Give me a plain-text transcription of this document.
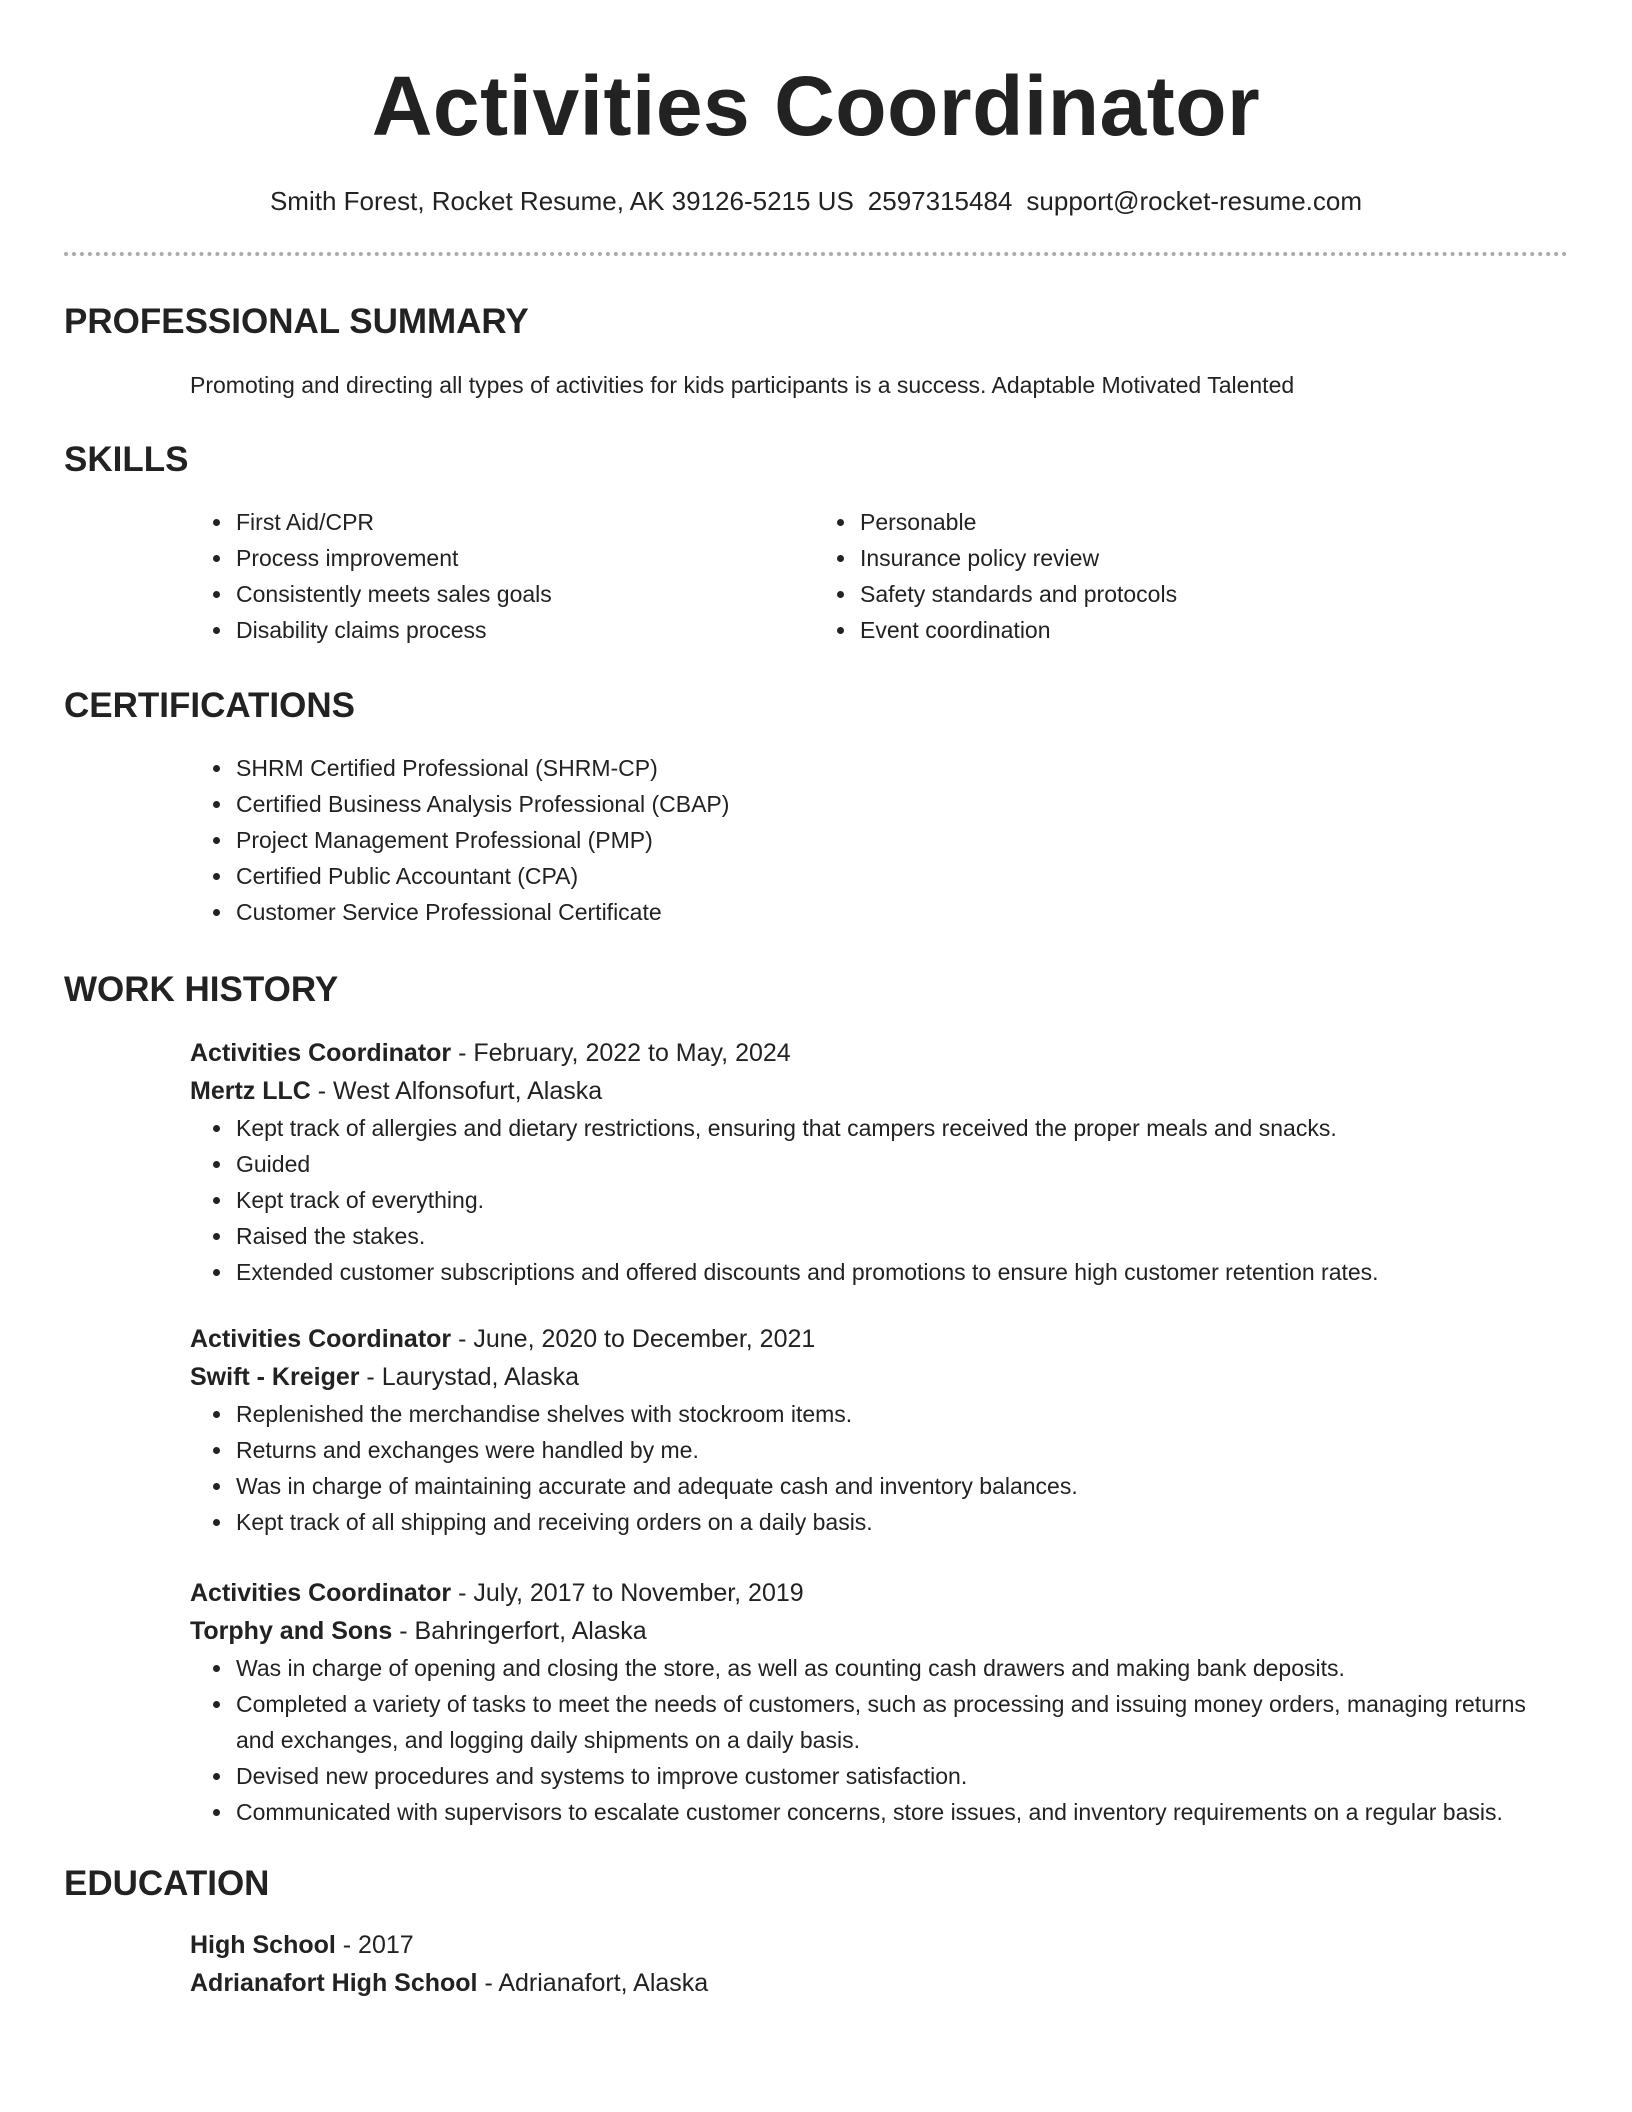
Activities Coordinator
Smith Forest, Rocket Resume, AK 39126-5215 US 2597315484 support@rocket-resume.com
PROFESSIONAL SUMMARY
Promoting and directing all types of activities for kids participants is a success. Adaptable Motivated Talented
SKILLS
• First Aid/CPR
• Process improvement
• Consistently meets sales goals
• Disability claims process
• Personable
• Insurance policy review
• Safety standards and protocols
• Event coordination
CERTIFICATIONS
• SHRM Certified Professional (SHRM-CP)
• Certified Business Analysis Professional (CBAP)
• Project Management Professional (PMP)
• Certified Public Accountant (CPA)
• Customer Service Professional Certificate
WORK HISTORY
Activities Coordinator - February, 2022 to May, 2024
Mertz LLC - West Alfonsofurt, Alaska
• Kept track of allergies and dietary restrictions, ensuring that campers received the proper meals and snacks.
• Guided
• Kept track of everything.
• Raised the stakes.
• Extended customer subscriptions and offered discounts and promotions to ensure high customer retention rates.
Activities Coordinator - June, 2020 to December, 2021
Swift - Kreiger - Laurystad, Alaska
• Replenished the merchandise shelves with stockroom items.
• Returns and exchanges were handled by me.
• Was in charge of maintaining accurate and adequate cash and inventory balances.
• Kept track of all shipping and receiving orders on a daily basis.
Activities Coordinator - July, 2017 to November, 2019
Torphy and Sons - Bahringerfort, Alaska
• Was in charge of opening and closing the store, as well as counting cash drawers and making bank deposits.
• Completed a variety of tasks to meet the needs of customers, such as processing and issuing money orders, managing returns and exchanges, and logging daily shipments on a daily basis.
• Devised new procedures and systems to improve customer satisfaction.
• Communicated with supervisors to escalate customer concerns, store issues, and inventory requirements on a regular basis.
EDUCATION
High School - 2017
Adrianafort High School - Adrianafort, Alaska
